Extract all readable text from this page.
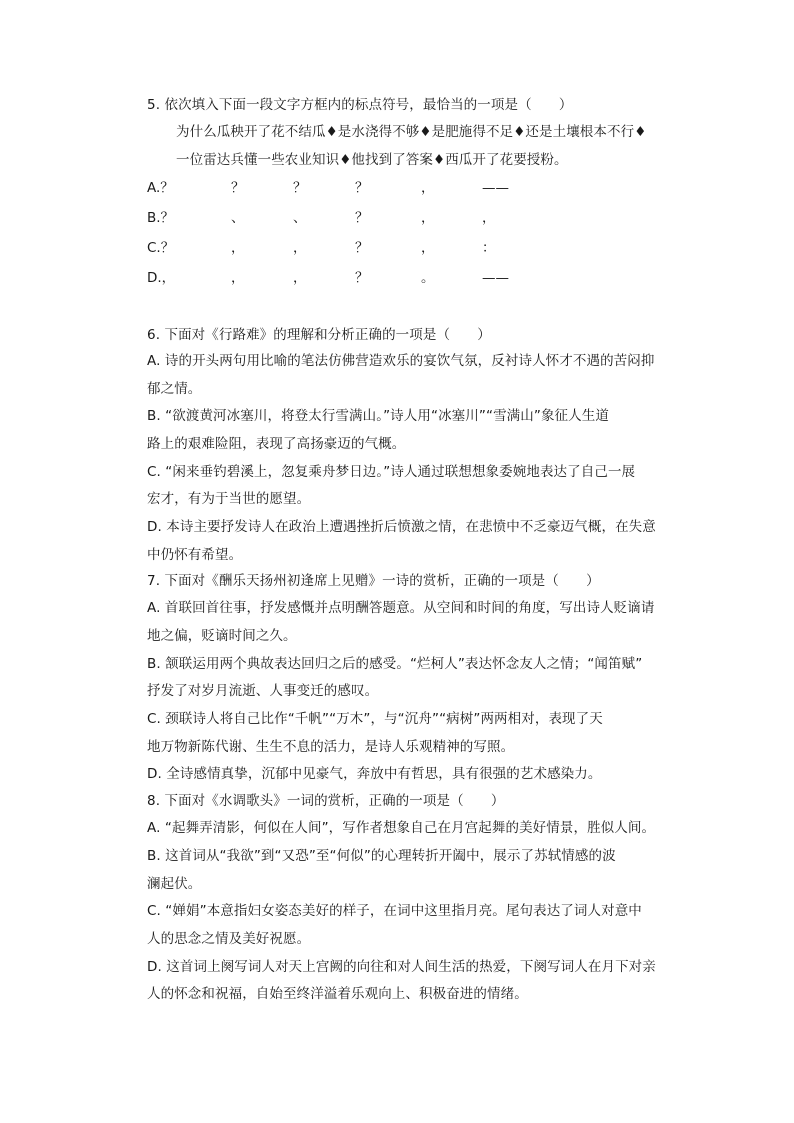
5. 依次填入下面一段文字方框内的标点符号，最恰当的一项是（　　）
为什么瓜秧开了花不结瓜♦是水浇得不够♦是肥施得不足♦还是土壤根本不行♦
一位雷达兵懂一些农业知识♦他找到了答案♦西瓜开了花要授粉。
A.？	？	？	？	，	——
B.？	、	、	？	，	，
C.？	，	，	？	，	：
D.，	，	，	？	。	——
6. 下面对《行路难》的理解和分析正确的一项是（　　）
A. 诗的开头两句用比喻的笔法仿佛营造欢乐的宴饮气氛，反衬诗人怀才不遇的苦闷抑
郁之情。
B. “欲渡黄河冰塞川，将登太行雪满山。”诗人用“冰塞川”“雪满山”象征人生道
路上的艰难险阻，表现了高扬豪迈的气概。
C. “闲来垂钓碧溪上，忽复乘舟梦日边。”诗人通过联想想象委婉地表达了自己一展
宏才，有为于当世的愿望。
D. 本诗主要抒发诗人在政治上遭遇挫折后愤激之情，在悲愤中不乏豪迈气概，在失意
中仍怀有希望。
7. 下面对《酬乐天扬州初逢席上见赠》一诗的赏析，正确的一项是（　　）
A. 首联回首往事，抒发感慨并点明酬答题意。从空间和时间的角度，写出诗人贬谪请
地之偏，贬谪时间之久。
B. 颔联运用两个典故表达回归之后的感受。“烂柯人”表达怀念友人之情；“闻笛赋”
抒发了对岁月流逝、人事变迁的感叹。
C. 颈联诗人将自己比作“千帆”“万木”，与“沉舟”“病树”两两相对，表现了天
地万物新陈代谢、生生不息的活力，是诗人乐观精神的写照。
D. 全诗感情真挚，沉郁中见豪气，奔放中有哲思，具有很强的艺术感染力。
8. 下面对《水调歌头》一词的赏析，正确的一项是（　　）
A. “起舞弄清影，何似在人间”，写作者想象自己在月宫起舞的美好情景，胜似人间。
B. 这首词从“我欲”到“又恐”至“何似”的心理转折开阖中，展示了苏轼情感的波
澜起伏。
C. “婵娟”本意指妇女姿态美好的样子，在词中这里指月亮。尾句表达了词人对意中
人的思念之情及美好祝愿。
D. 这首词上阕写词人对天上宫阙的向往和对人间生活的热爱，下阕写词人在月下对亲
人的怀念和祝福，自始至终洋溢着乐观向上、积极奋进的情绪。
